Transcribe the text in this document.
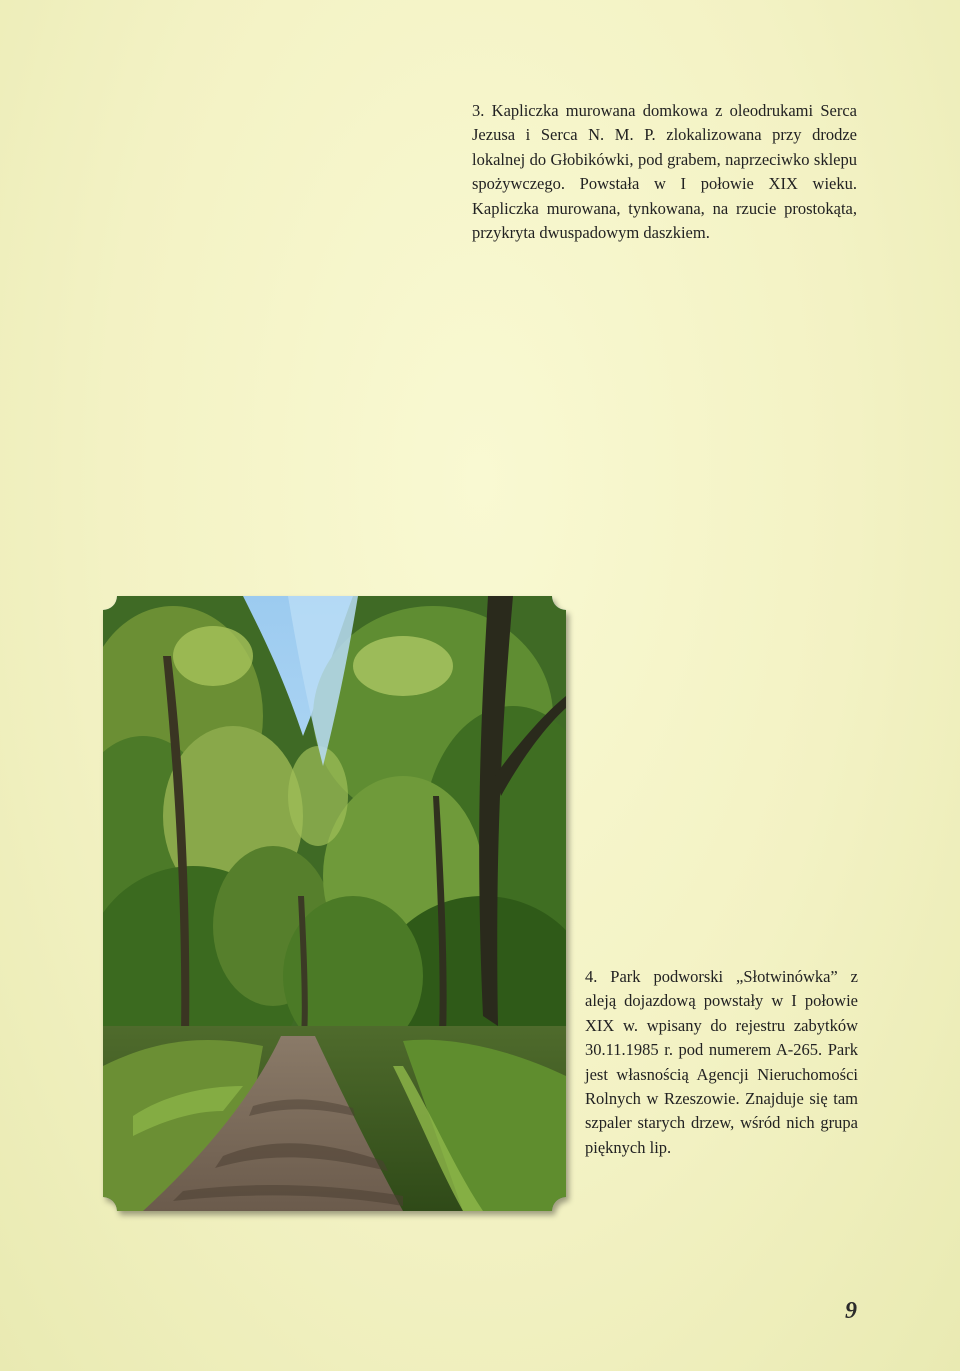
3. Kapliczka murowana domkowa z oleodrukami Serca Jezusa i Serca N. M. P. zlokalizowana przy drodze lokalnej do Głobikówki, pod grabem, naprzeciwko sklepu spożywczego. Powstała w I połowie XIX wieku. Kapliczka murowana, tynkowana, na rzucie prostokąta, przykryta dwuspadowym daszkiem.

4. Park podworski „Słotwinówka” z aleją dojazdową powstały w I połowie XIX w. wpisany do rejestru zabytków 30.11.1985 r. pod numerem A-265. Park jest własnością Agencji Nieruchomości Rolnych w Rzeszowie. Znajduje się tam szpaler starych drzew, wśród nich grupa pięknych lip.

9
